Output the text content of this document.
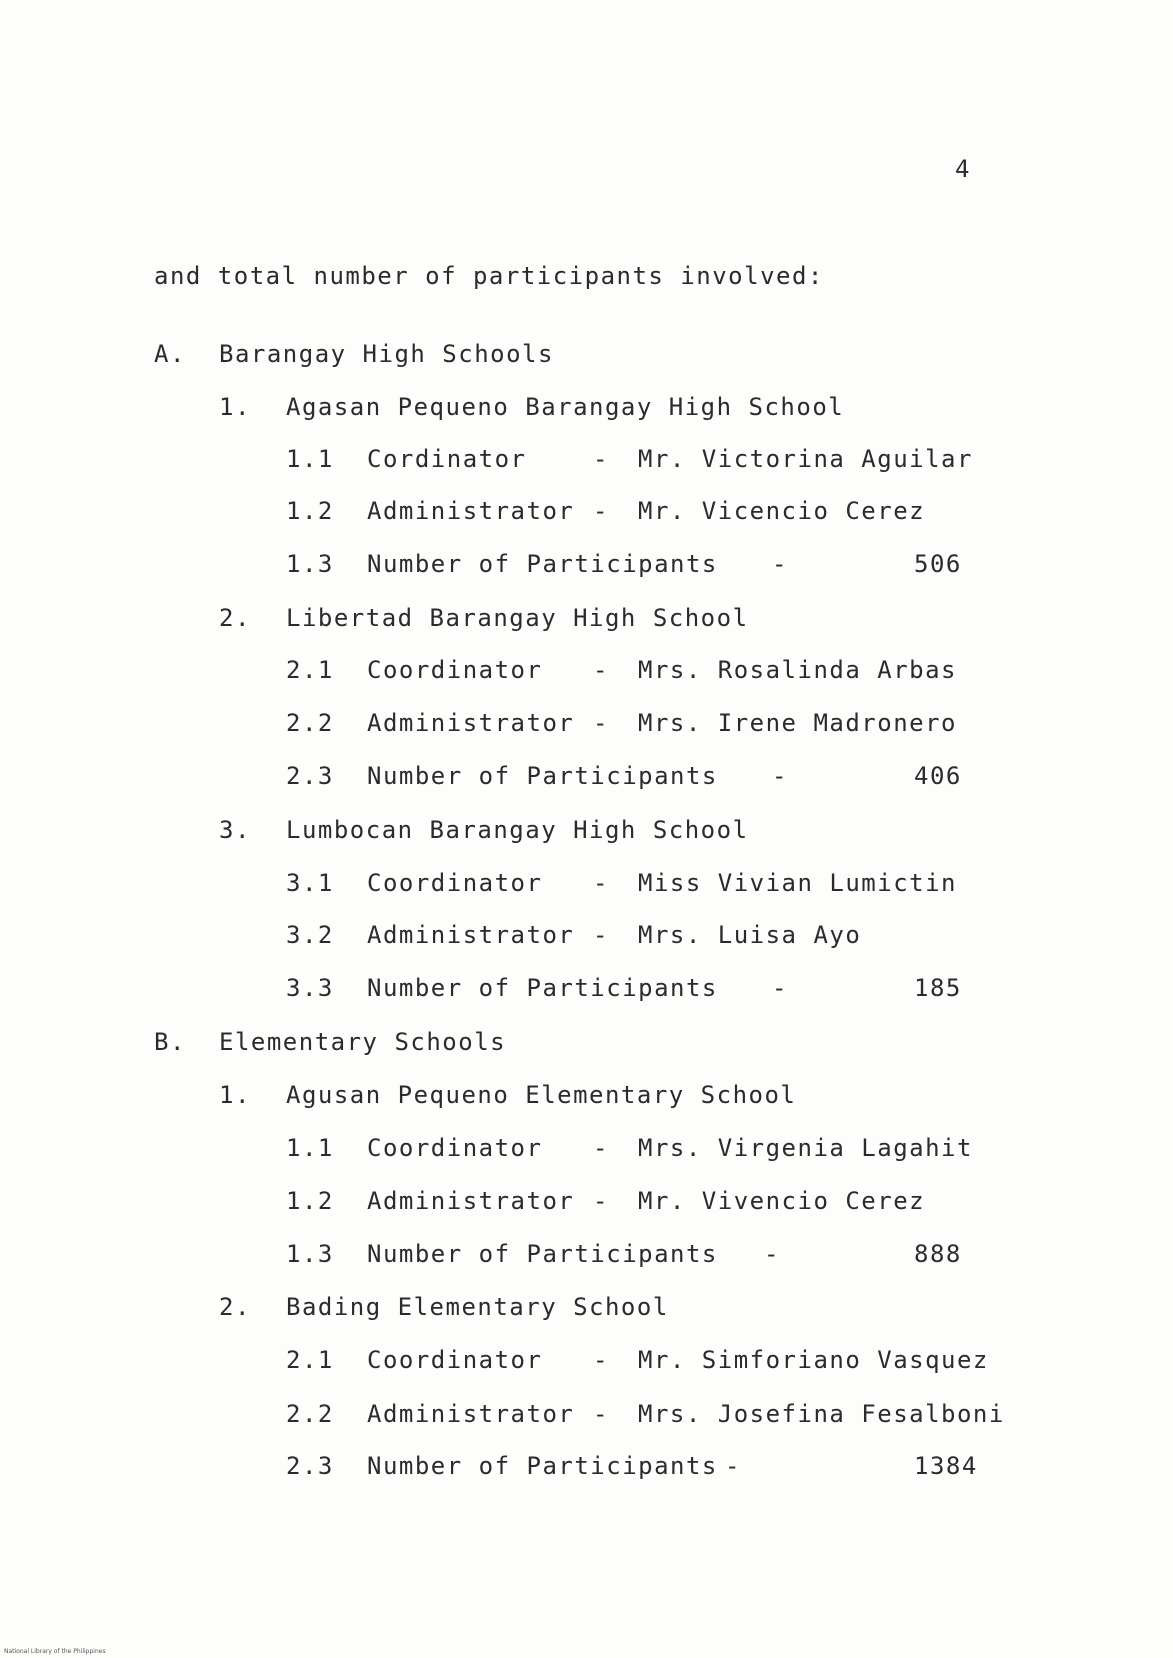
4
and total number of participants involved:
A. Barangay High Schools
1. Agasan Pequeno Barangay High School
1.1 Cordinator	- Mr. Victorina Aguilar
1.2 Administrator - Mr. Vicencio Cerez
1.3 Number of Participants -	506
2. Libertad Barangay High School
2.1 Coordinator - Mrs. Rosalinda Arbas
2.2 Administrator - Mrs. Irene Madronero
2.3 Number of Participants -	406
3. Lumbocan Barangay High School
3.1 Coordinator - Miss Vivian Lumictin
3.2 Administrator - Mrs. Luisa Ayo
3.3 Number of Participants -	185
B. Elementary Schools
1. Agusan Pequeno Elementary School
1.1 Coordinator - Mrs. Virgenia Lagahit
1.2 Administrator - Mr. Vivencio Cerez
1.3 Number of Participants -	888
2. Bading Elementary School
2.1 Coordinator - Mr. Simforiano Vasquez
2.2 Administrator - Mrs. Josefina Fesalboni
2.3 Number of Participants -	1384
National Library of the Philippines
